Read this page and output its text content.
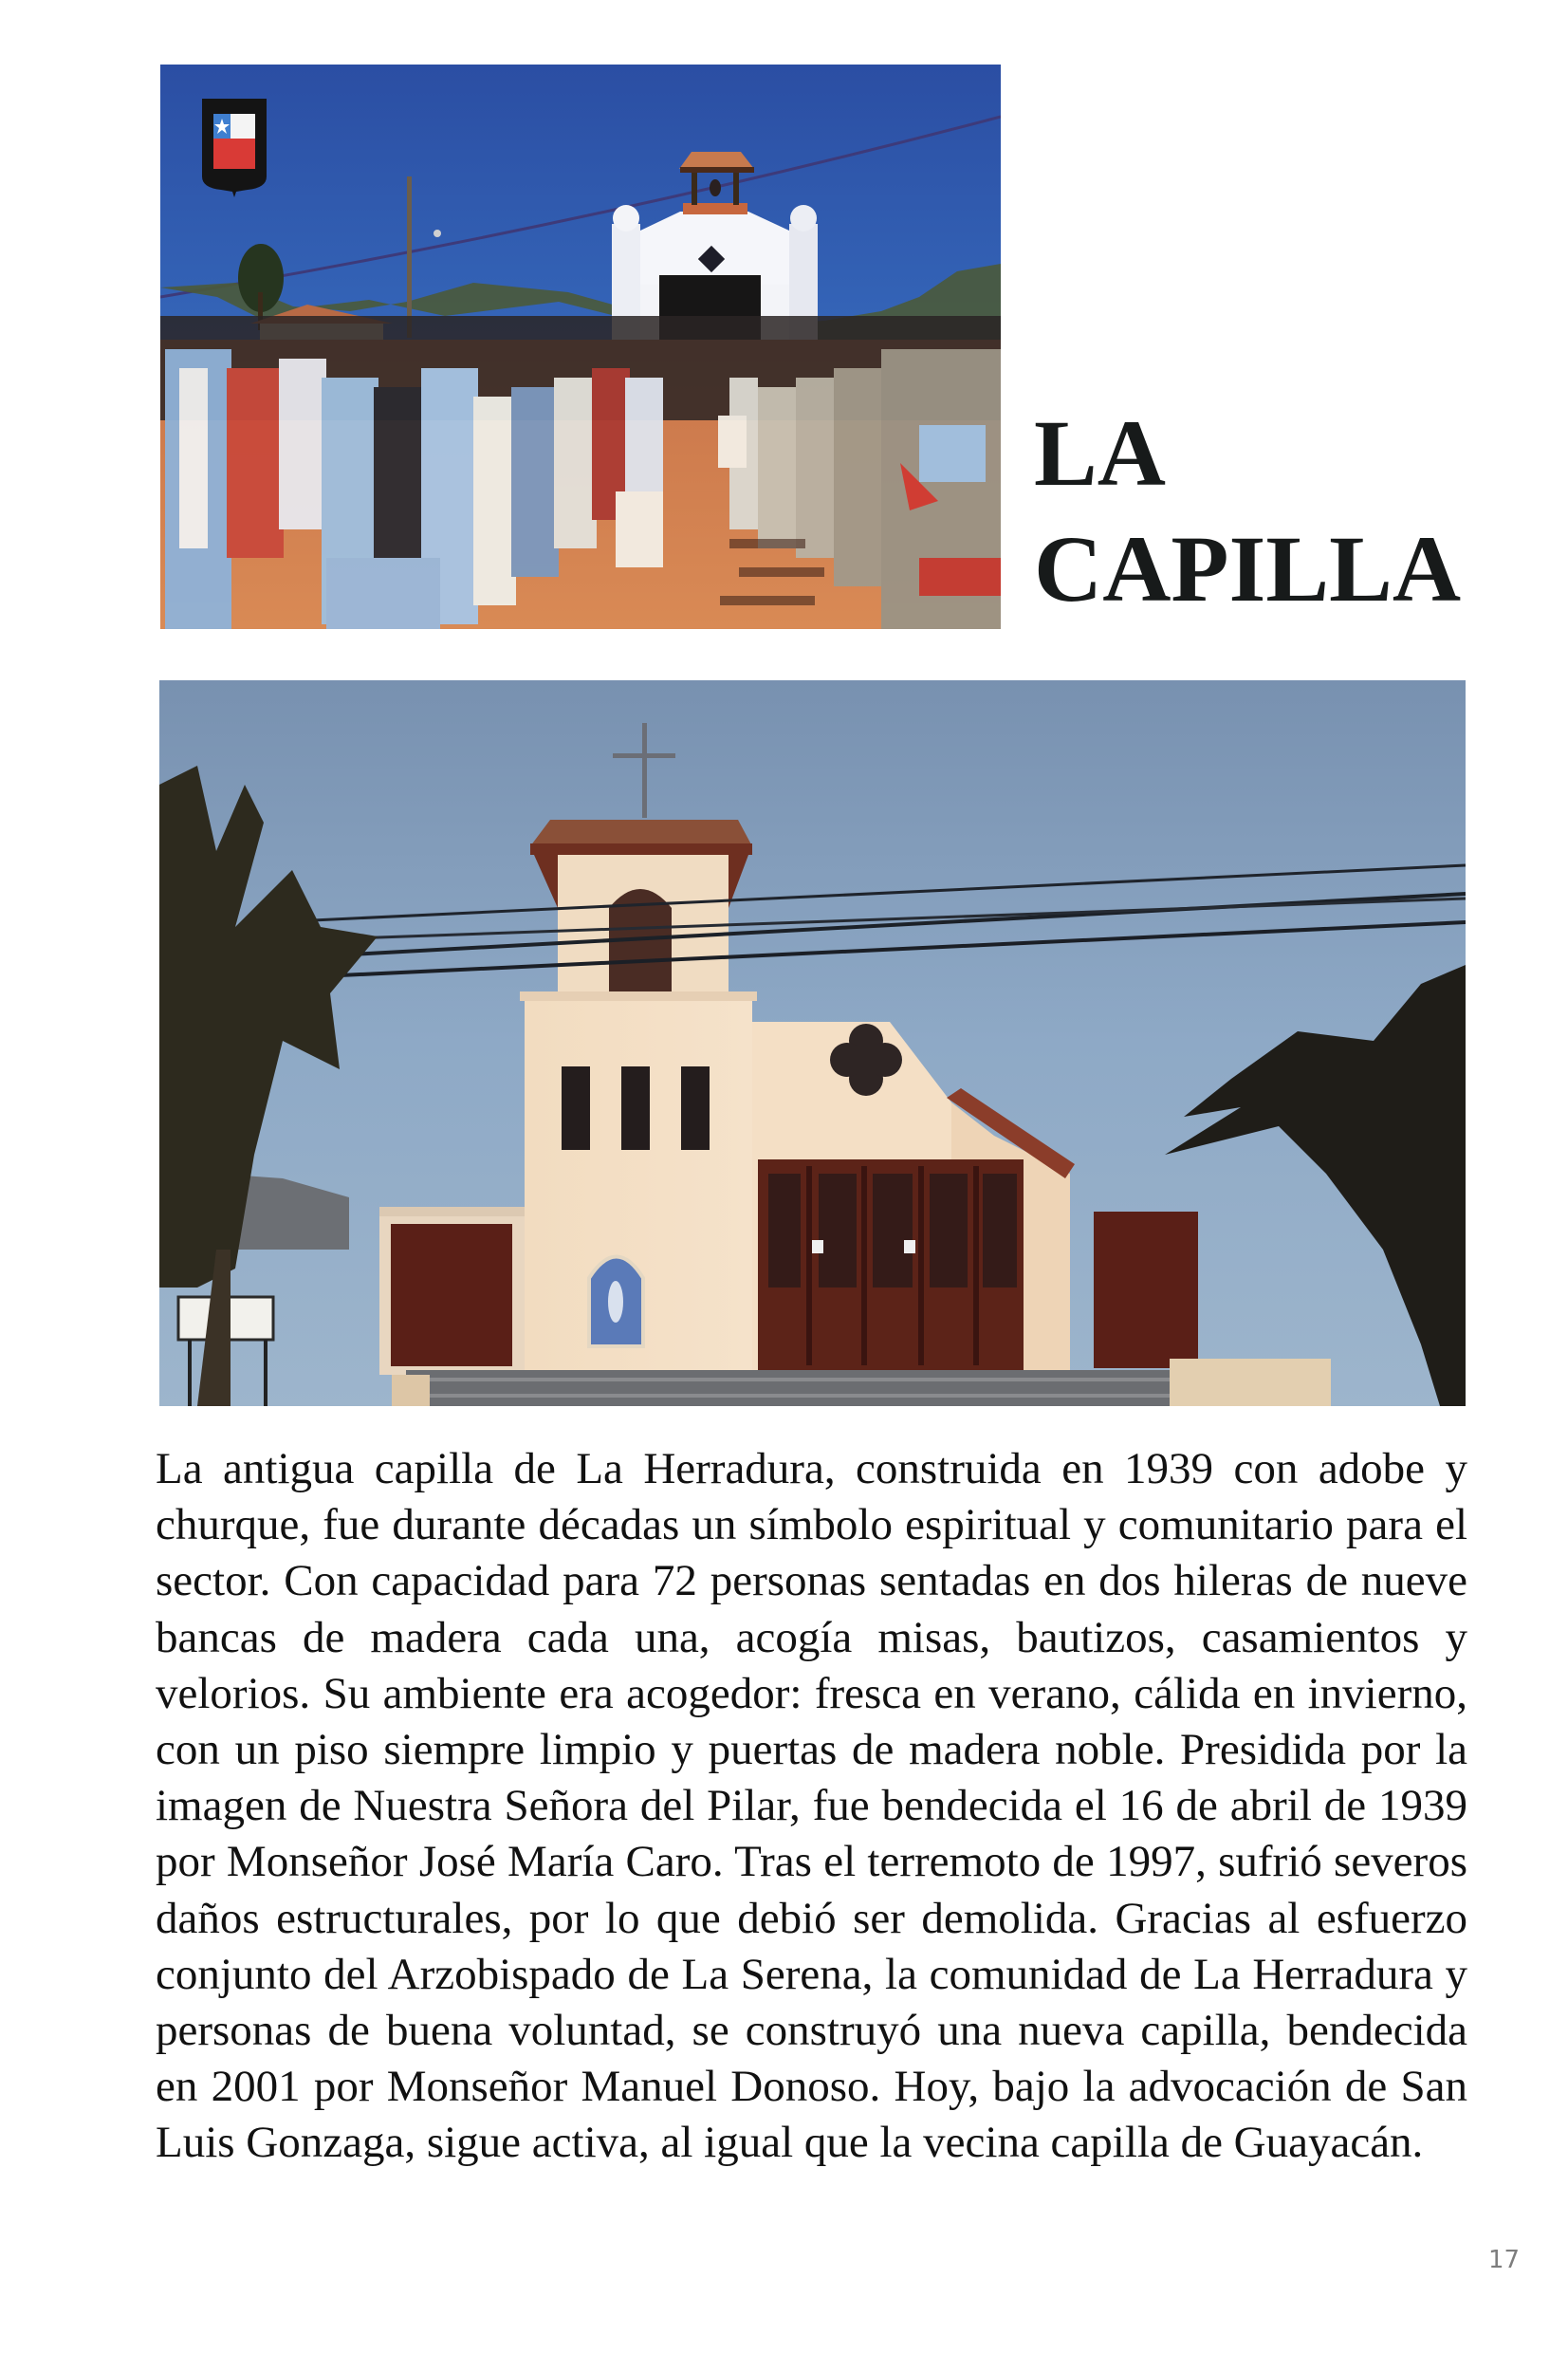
LA
CAPILLA

La antigua capilla de La Herradura, construida en 1939 con adobe y churque, fue durante décadas un símbolo espiritual y comunitario para el sector. Con capacidad para 72 personas sentadas en dos hileras de nueve bancas de madera cada una, acogía misas, bautizos, casamientos y velorios. Su ambiente era acogedor: fresca en verano, cálida en invierno, con un piso siempre limpio y puertas de madera noble. Presidida por la imagen de Nuestra Señora del Pilar, fue bendecida el 16 de abril de 1939 por Monseñor José María Caro. Tras el terremoto de 1997, sufrió severos daños estructurales, por lo que debió ser demolida. Gracias al esfuerzo conjunto del Arzobispado de La Serena, la comunidad de La Herradura y personas de buena voluntad, se construyó una nueva capilla, bendecida en 2001 por Monseñor Manuel Donoso. Hoy, bajo la advocación de San Luis Gonzaga, sigue activa, al igual que la vecina capilla de Guayacán.

17
